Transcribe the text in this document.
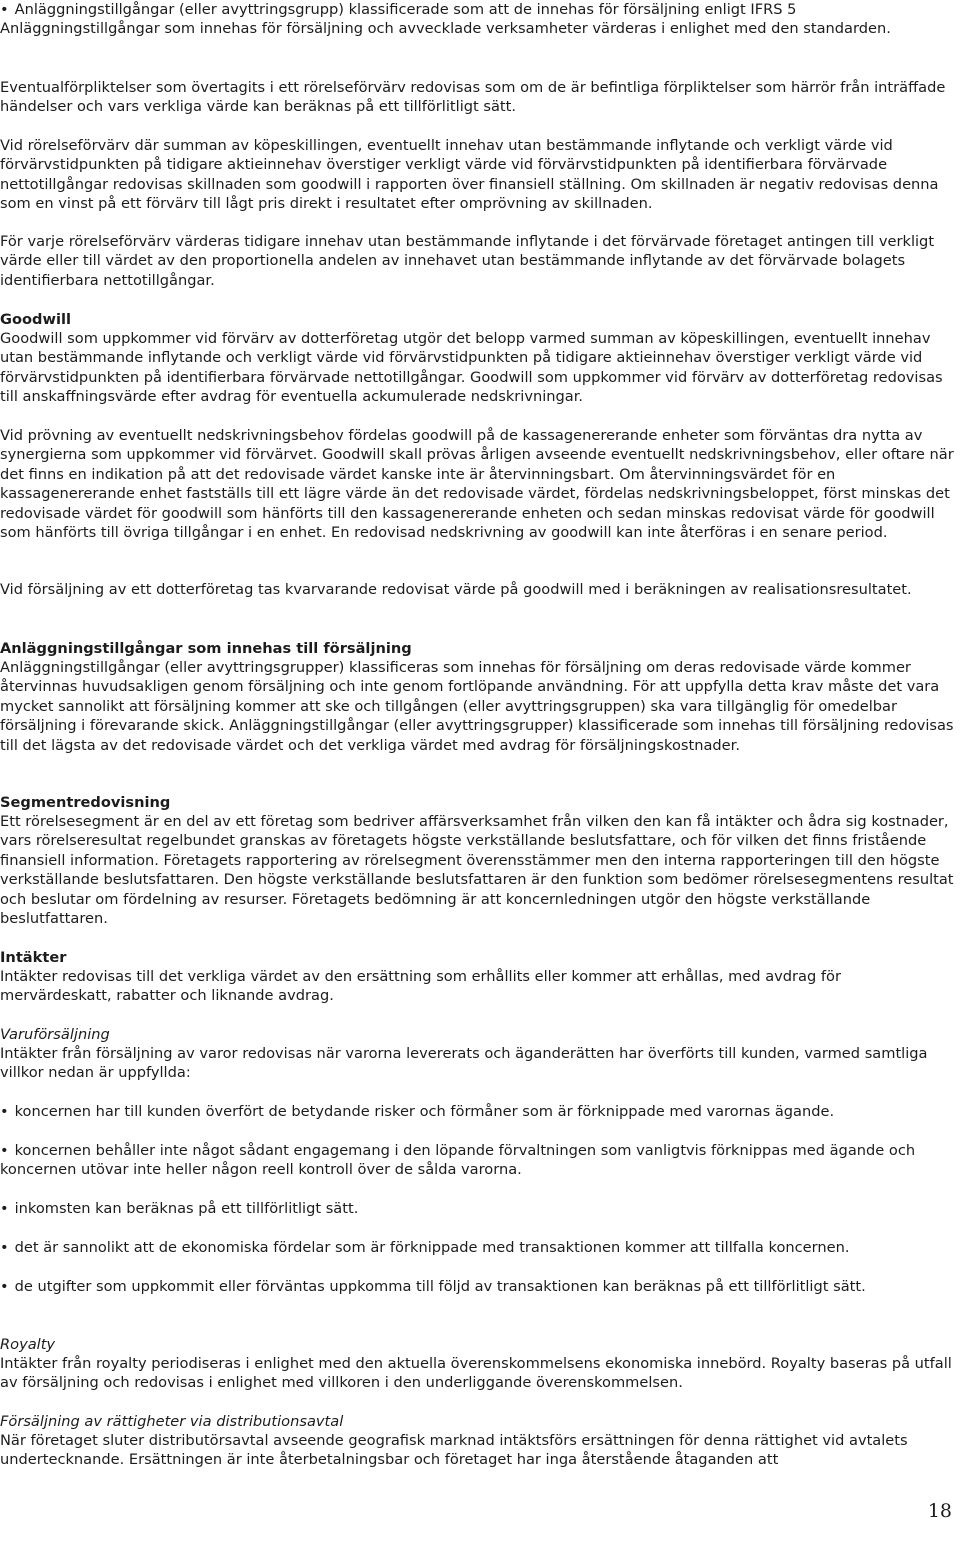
• Anläggningstillgångar (eller avyttringsgrupp) klassificerade som att de innehas för försäljning enligt IFRS 5 Anläggningstillgångar som innehas för försäljning och avvecklade verksamheter värderas i enlighet med den standarden.

Eventualförpliktelser som övertagits i ett rörelseförvärv redovisas som om de är befintliga förpliktelser som härrör från inträffade händelser och vars verkliga värde kan beräknas på ett tillförlitligt sätt.

Vid rörelseförvärv där summan av köpeskillingen, eventuellt innehav utan bestämmande inflytande och verkligt värde vid förvärvstidpunkten på tidigare aktieinnehav överstiger verkligt värde vid förvärvstidpunkten på identifierbara förvärvade nettotillgångar redovisas skillnaden som goodwill i rapporten över finansiell ställning. Om skillnaden är negativ redovisas denna som en vinst på ett förvärv till lågt pris direkt i resultatet efter omprövning av skillnaden.

För varje rörelseförvärv värderas tidigare innehav utan bestämmande inflytande i det förvärvade företaget antingen till verkligt värde eller till värdet av den proportionella andelen av innehavet utan bestämmande inflytande av det förvärvade bolagets identifierbara nettotillgångar.

Goodwill

Goodwill som uppkommer vid förvärv av dotterföretag utgör det belopp varmed summan av köpeskillingen, eventuellt innehav utan bestämmande inflytande och verkligt värde vid förvärvstidpunkten på tidigare aktieinnehav överstiger verkligt värde vid förvärvstidpunkten på identifierbara förvärvade nettotillgångar. Goodwill som uppkommer vid förvärv av dotterföretag redovisas till anskaffningsvärde efter avdrag för eventuella ackumulerade nedskrivningar.

Vid prövning av eventuellt nedskrivningsbehov fördelas goodwill på de kassagenererande enheter som förväntas dra nytta av synergierna som uppkommer vid förvärvet. Goodwill skall prövas årligen avseende eventuellt nedskrivningsbehov, eller oftare när det finns en indikation på att det redovisade värdet kanske inte är återvinningsbart. Om återvinningsvärdet för en kassagenererande enhet fastställs till ett lägre värde än det redovisade värdet, fördelas nedskrivningsbeloppet, först minskas det redovisade värdet för goodwill som hänförts till den kassagenererande enheten och sedan minskas redovisat värde för goodwill som hänförts till övriga tillgångar i en enhet. En redovisad nedskrivning av goodwill kan inte återföras i en senare period.

Vid försäljning av ett dotterföretag tas kvarvarande redovisat värde på goodwill med i beräkningen av realisationsresultatet.

Anläggningstillgångar som innehas till försäljning

Anläggningstillgångar (eller avyttringsgrupper) klassificeras som innehas för försäljning om deras redovisade värde kommer återvinnas huvudsakligen genom försäljning och inte genom fortlöpande användning. För att uppfylla detta krav måste det vara mycket sannolikt att försäljning kommer att ske och tillgången (eller avyttringsgruppen) ska vara tillgänglig för omedelbar försäljning i förevarande skick. Anläggningstillgångar (eller avyttringsgrupper) klassificerade som innehas till försäljning redovisas till det lägsta av det redovisade värdet och det verkliga värdet med avdrag för försäljningskostnader.

Segmentredovisning

Ett rörelsesegment är en del av ett företag som bedriver affärsverksamhet från vilken den kan få intäkter och ådra sig kostnader, vars rörelseresultat regelbundet granskas av företagets högste verkställande beslutsfattare, och för vilken det finns fristående finansiell information. Företagets rapportering av rörelsegment överensstämmer men den interna rapporteringen till den högste verkställande beslutsfattaren. Den högste verkställande beslutsfattaren är den funktion som bedömer rörelsesegmentens resultat och beslutar om fördelning av resurser. Företagets bedömning är att koncernledningen utgör den högste verkställande beslutfattaren.

Intäkter

Intäkter redovisas till det verkliga värdet av den ersättning som erhållits eller kommer att erhållas, med avdrag för mervärdeskatt, rabatter och liknande avdrag.

Varuförsäljning

Intäkter från försäljning av varor redovisas när varorna levererats och äganderätten har överförts till kunden, varmed samtliga villkor nedan är uppfyllda:

• koncernen har till kunden överfört de betydande risker och förmåner som är förknippade med varornas ägande.

• koncernen behåller inte något sådant engagemang i den löpande förvaltningen som vanligtvis förknippas med ägande och koncernen utövar inte heller någon reell kontroll över de sålda varorna.

• inkomsten kan beräknas på ett tillförlitligt sätt.

• det är sannolikt att de ekonomiska fördelar som är förknippade med transaktionen kommer att tillfalla koncernen.

• de utgifter som uppkommit eller förväntas uppkomma till följd av transaktionen kan beräknas på ett tillförlitligt sätt.

Royalty

Intäkter från royalty periodiseras i enlighet med den aktuella överenskommelsens ekonomiska innebörd. Royalty baseras på utfall av försäljning och redovisas i enlighet med villkoren i den underliggande överenskommelsen.

Försäljning av rättigheter via distributionsavtal

När företaget sluter distributörsavtal avseende geografisk marknad intäktsförs ersättningen för denna rättighet vid avtalets undertecknande. Ersättningen är inte återbetalningsbar och företaget har inga återstående åtaganden att

18
